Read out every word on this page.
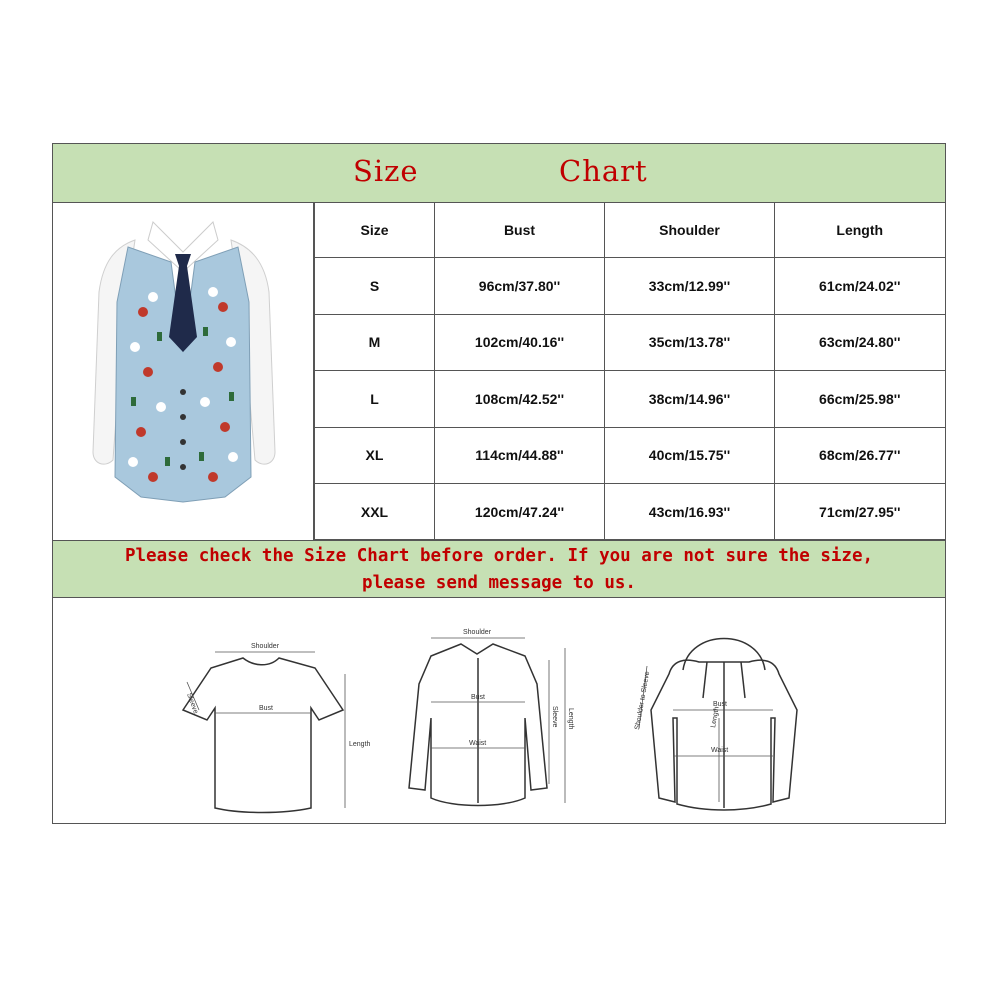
Size	Chart
Size	Bust	Shoulder	Length
S	96cm/37.80''	33cm/12.99''	61cm/24.02''
M	102cm/40.16''	35cm/13.78''	63cm/24.80''
L	108cm/42.52''	38cm/14.96''	66cm/25.98''
XL	114cm/44.88''	40cm/15.75''	68cm/26.77''
XXL	120cm/47.24''	43cm/16.93''	71cm/27.95''
Please check the Size Chart before order. If you are not sure the size,
please send message to us.
Shoulder
Bust
Length
Sleeve
Shoulder
Bust
Waist
Sleeve Length
Bust
Waist
Length
Shoulder to Sleeve
